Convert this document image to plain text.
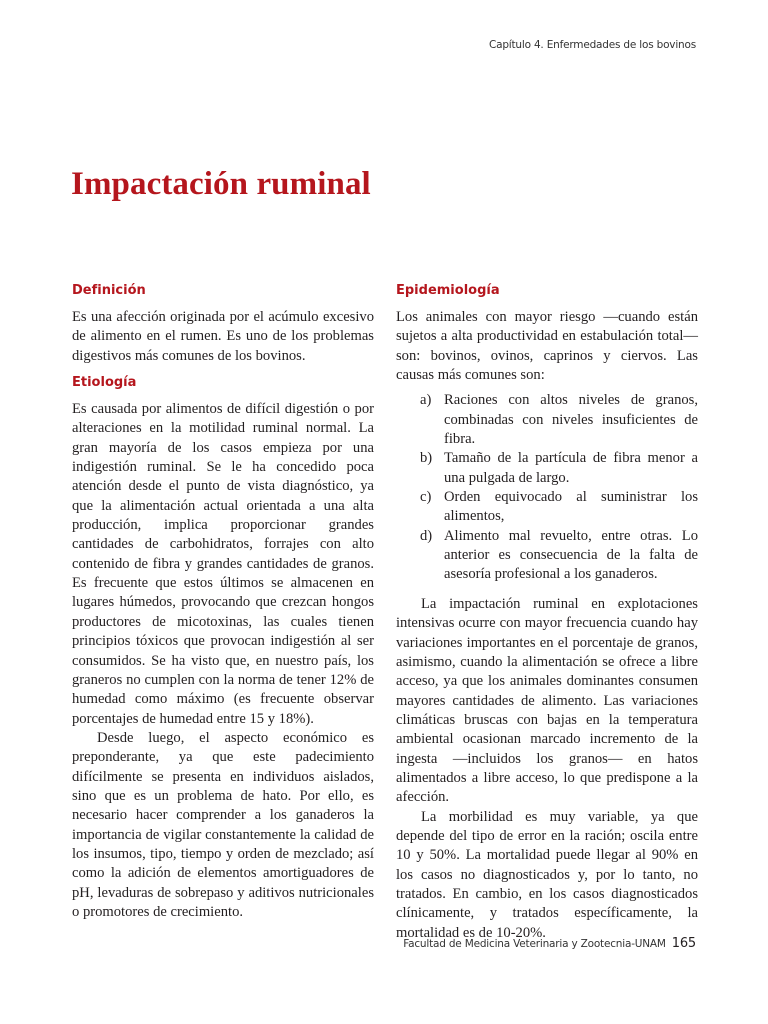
Capítulo 4. Enfermedades de los bovinos
Impactación ruminal
Definición

Es una afección originada por el acúmulo excesivo de alimento en el rumen. Es uno de los problemas digestivos más comunes de los bovinos.

Etiología

Es causada por alimentos de difícil digestión o por alteraciones en la motilidad ruminal normal. La gran mayoría de los casos empieza por una indigestión ruminal. Se le ha concedido poca atención desde el punto de vista diagnóstico, ya que la alimentación actual orientada a una alta producción, implica proporcionar grandes cantidades de carbohidratos, forrajes con alto contenido de fibra y grandes cantidades de granos. Es frecuente que estos últimos se almacenen en lugares húmedos, provocando que crezcan hongos productores de micotoxinas, las cuales tienen principios tóxicos que provocan indigestión al ser consumidos. Se ha visto que, en nuestro país, los graneros no cumplen con la norma de tener 12% de humedad como máximo (es frecuente observar porcentajes de humedad entre 15 y 18%).

Desde luego, el aspecto económico es preponderante, ya que este padecimiento difícilmente se presenta en individuos aislados, sino que es un problema de hato. Por ello, es necesario hacer comprender a los ganaderos la importancia de vigilar constantemente la calidad de los insumos, tipo, tiempo y orden de mezclado; así como la adición de elementos amortiguadores de pH, levaduras de sobrepaso y aditivos nutricionales o promotores de crecimiento.

Epidemiología

Los animales con mayor riesgo —cuando están sujetos a alta productividad en estabulación total— son: bovinos, ovinos, caprinos y ciervos. Las causas más comunes son:

a) Raciones con altos niveles de granos, combinadas con niveles insuficientes de fibra.
b) Tamaño de la partícula de fibra menor a una pulgada de largo.
c) Orden equivocado al suministrar los alimentos,
d) Alimento mal revuelto, entre otras. Lo anterior es consecuencia de la falta de asesoría profesional a los ganaderos.

La impactación ruminal en explotaciones intensivas ocurre con mayor frecuencia cuando hay variaciones importantes en el porcentaje de granos, asimismo, cuando la alimentación se ofrece a libre acceso, ya que los animales dominantes consumen mayores cantidades de alimento. Las variaciones climáticas bruscas con bajas en la temperatura ambiental ocasionan marcado incremento de la ingesta —incluidos los granos— en hatos alimentados a libre acceso, lo que predispone a la afección.

La morbilidad es muy variable, ya que depende del tipo de error en la ración; oscila entre 10 y 50%. La mortalidad puede llegar al 90% en los casos no diagnosticados y, por lo tanto, no tratados. En cambio, en los casos diagnosticados clínicamente, y tratados específicamente, la mortalidad es de 10-20%.

Facultad de Medicina Veterinaria y Zootecnia-UNAM 165
